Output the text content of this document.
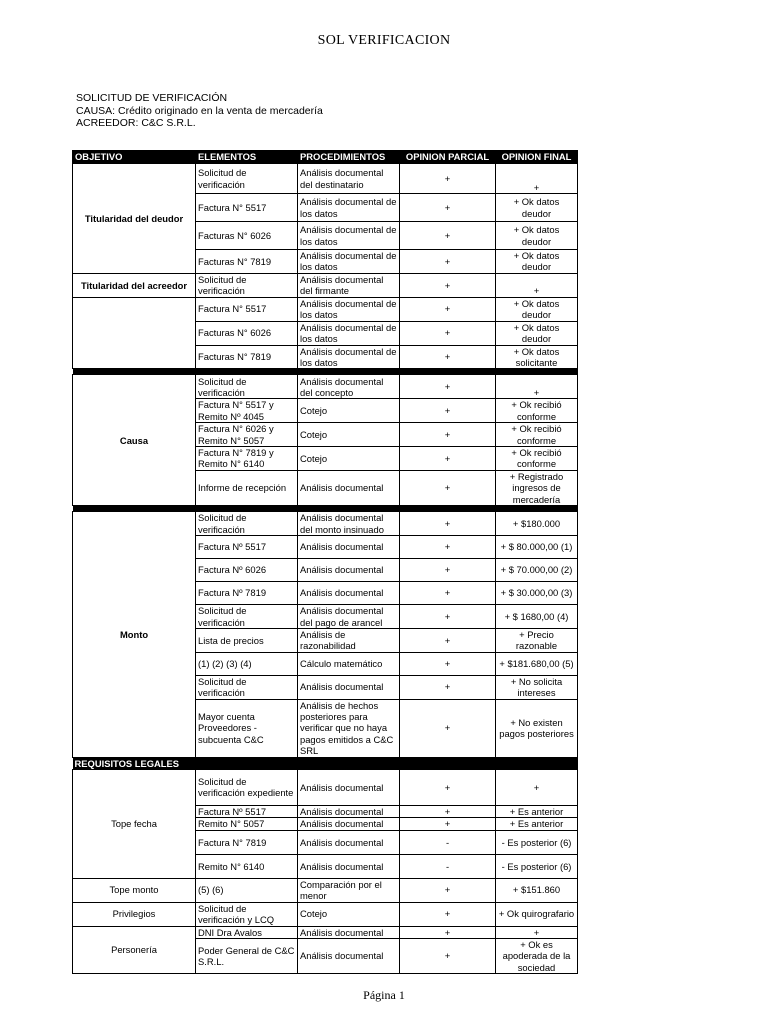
SOL VERIFICACION
SOLICITUD DE VERIFICACIÓN
CAUSA: Crédito originado en la venta de mercadería
ACREEDOR: C&C S.R.L.
OBJETIVO	ELEMENTOS	PROCEDIMIENTOS	OPINION PARCIAL	OPINION FINAL
Titularidad del deudor	Solicitud de verificación	Análisis documental del destinatario	+	+
	Factura N° 5517	Análisis documental de los datos	+	+ Ok datos deudor
	Facturas N° 6026	Análisis documental de los datos	+	+ Ok datos deudor
	Facturas N° 7819	Análisis documental de los datos	+	+ Ok datos deudor
Titularidad del acreedor	Solicitud de verificación	Análisis documental del firmante	+	+
	Factura N° 5517	Análisis documental de los datos	+	+ Ok datos deudor
	Facturas N° 6026	Análisis documental de los datos	+	+ Ok datos deudor
	Facturas N° 7819	Análisis documental de los datos	+	+ Ok datos solicitante

Causa	Solicitud de verificación	Análisis documental del concepto	+	+
	Factura N° 5517 y Remito Nº 4045	Cotejo	+	+ Ok recibió conforme
	Factura N° 6026 y Remito N° 5057	Cotejo	+	+ Ok recibió conforme
	Factura N° 7819 y Remito N° 6140	Cotejo	+	+ Ok recibió conforme
	Informe de recepción	Análisis documental	+	+ Registrado ingresos de mercadería

Monto	Solicitud de verificación	Análisis documental del monto insinuado	+	+ $180.000
	Factura Nº 5517	Análisis documental	+	+ $ 80.000,00 (1)
	Factura Nº 6026	Análisis documental	+	+ $ 70.000,00 (2)
	Factura Nº 7819	Análisis documental	+	+ $ 30.000,00 (3)
	Solicitud de verificación	Análisis documental del pago de arancel	+	+ $ 1680,00 (4)
	Lista de precios	Análisis de razonabilidad	+	+ Precio razonable
	(1) (2) (3) (4)	Cálculo matemático	+	+ $181.680,00 (5)
	Solicitud de verificación	Análisis documental	+	+ No solicita intereses
	Mayor cuenta Proveedores - subcuenta C&C	Análisis de hechos posteriores para verificar que no haya pagos emitidos a C&C SRL	+	+ No existen pagos posteriores
REQUISITOS LEGALES				
Tope fecha	Solicitud de verificación expediente	Análisis documental	+	+
	Factura Nº 5517	Análisis documental	+	+ Es anterior
	Remito N° 5057	Análisis documental	+	+ Es anterior
	Factura N° 7819	Análisis documental	-	- Es posterior (6)
	Remito N° 6140	Análisis documental	-	- Es posterior (6)
Tope monto	(5) (6)	Comparación por el menor	+	+ $151.860
Privilegios	Solicitud de verificación y LCQ	Cotejo	+	+ Ok quirografario
Personería	DNI Dra Avalos	Análisis documental	+	+
	Poder General de C&C S.R.L.	Análisis documental	+	+ Ok es apoderada de la sociedad
Página 1
